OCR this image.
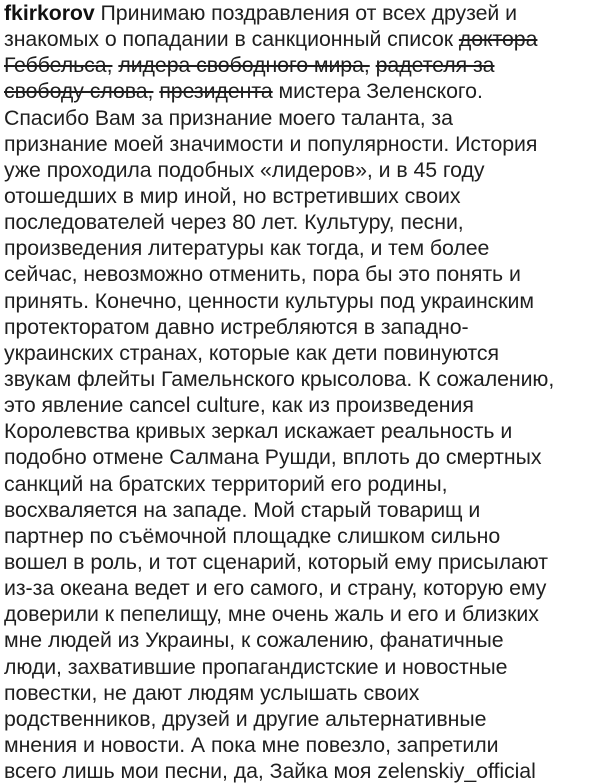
fkirkorov Принимаю поздравления от всех друзей и
знакомых о попадании в санкционный список доктора
Геббельса, лидера свободного мира, радетеля за
свободу слова, президента мистера Зеленского.
Спасибо Вам за признание моего таланта, за
признание моей значимости и популярности. История
уже проходила подобных «лидеров», и в 45 году
отошедших в мир иной, но встретивших своих
последователей через 80 лет. Культуру, песни,
произведения литературы как тогда, и тем более
сейчас, невозможно отменить, пора бы это понять и
принять. Конечно, ценности культуры под украинским
протекторатом давно истребляются в западно-
украинских странах, которые как дети повинуются
звукам флейты Гамельнского крысолова. К сожалению,
это явление cancel culture, как из произведения
Королевства кривых зеркал искажает реальность и
подобно отмене Салмана Рушди, вплоть до смертных
санкций на братских территорий его родины,
восхваляется на западе. Мой старый товарищ и
партнер по съёмочной площадке слишком сильно
вошел в роль, и тот сценарий, который ему присылают
из-за океана ведет и его самого, и страну, которую ему
доверили к пепелищу, мне очень жаль и его и близких
мне людей из Украины, к сожалению, фанатичные
люди, захватившие пропагандистские и новостные
повестки, не дают людям услышать своих
родственников, друзей и другие альтернативные
мнения и новости. А пока мне повезло, запретили
всего лишь мои песни, да, Зайка моя zelenskiy_official
